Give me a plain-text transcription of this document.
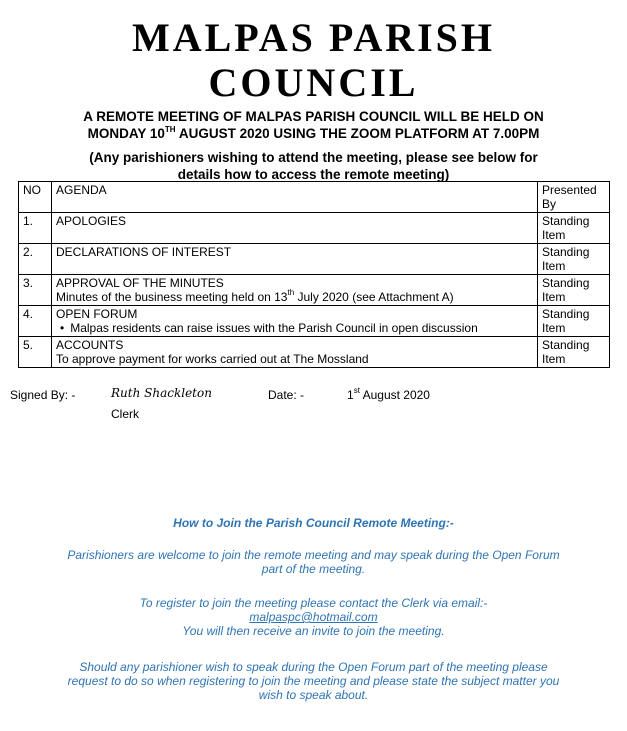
MALPAS PARISH
COUNCIL
A REMOTE MEETING OF MALPAS PARISH COUNCIL WILL BE HELD ON
MONDAY 10TH AUGUST 2020 USING THE ZOOM PLATFORM AT 7.00PM
(Any parishioners wishing to attend the meeting, please see below for
details how to access the remote meeting)
NO	AGENDA	Presented By
1.	APOLOGIES	Standing Item
2.	DECLARATIONS OF INTEREST	Standing Item
3.	APPROVAL OF THE MINUTES
Minutes of the business meeting held on 13th July 2020 (see Attachment A)	Standing Item
4.	OPEN FORUM
• Malpas residents can raise issues with the Parish Council in open discussion	Standing Item
5.	ACCOUNTS
To approve payment for works carried out at The Mossland	Standing Item
Signed By: -	Ruth Shackleton
Clerk
Date: -	1st August 2020
How to Join the Parish Council Remote Meeting:-
Parishioners are welcome to join the remote meeting and may speak during the Open Forum
part of the meeting.
To register to join the meeting please contact the Clerk via email:-
malpaspc@hotmail.com
You will then receive an invite to join the meeting.
Should any parishioner wish to speak during the Open Forum part of the meeting please
request to do so when registering to join the meeting and please state the subject matter you
wish to speak about.
